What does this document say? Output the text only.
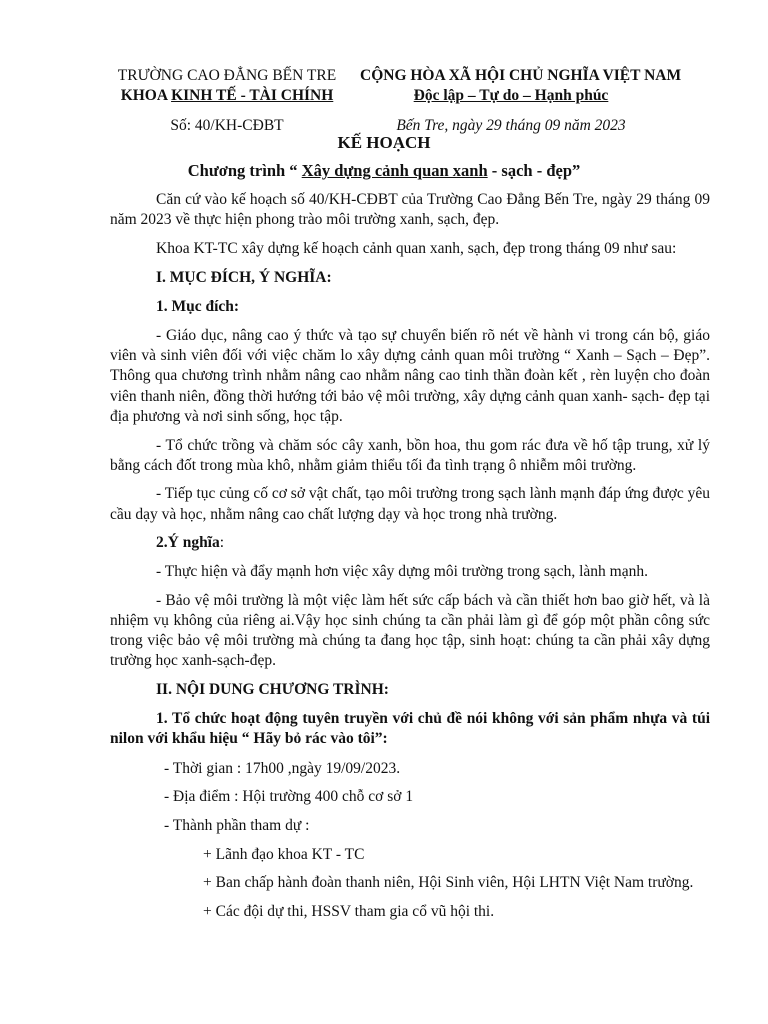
TRƯỜNG CAO ĐẲNG BẾN TRE
KHOA KINH TẾ - TÀI CHÍNH
Số: 40/KH-CĐBT
CỘNG HÒA XÃ HỘI CHỦ NGHĨA VIỆT NAM
Độc lập – Tự do – Hạnh phúc
Bến Tre, ngày 29 tháng 09 năm 2023
KẾ HOẠCH
Chương trình “ Xây dựng cảnh quan xanh - sạch - đẹp”

Căn cứ vào kế hoạch số 40/KH-CĐBT của Trường Cao Đẳng Bến Tre, ngày 29 tháng 09 năm 2023 về thực hiện phong trào môi trường xanh, sạch, đẹp.

Khoa KT-TC xây dựng kế hoạch cảnh quan xanh, sạch, đẹp trong tháng 09 như sau:

I. MỤC ĐÍCH, Ý NGHĨA:

1. Mục đích:

- Giáo dục, nâng cao ý thức và tạo sự chuyển biến rõ nét về hành vi trong cán bộ, giáo viên và sinh viên đối với việc chăm lo xây dựng cảnh quan môi trường “ Xanh – Sạch – Đẹp”. Thông qua chương trình nhằm nâng cao nhằm nâng cao tinh thần đoàn kết , rèn luyện cho đoàn viên thanh niên, đồng thời hướng tới bảo vệ môi trường, xây dựng cảnh quan xanh- sạch- đẹp tại địa phương và nơi sinh sống, học tập.

- Tổ chức trồng và chăm sóc cây xanh, bồn hoa, thu gom rác đưa về hố tập trung, xử lý bằng cách đốt trong mùa khô, nhằm giảm thiểu tối đa tình trạng ô nhiễm môi trường.

- Tiếp tục củng cố cơ sở vật chất, tạo môi trường trong sạch lành mạnh đáp ứng được yêu cầu dạy và học, nhằm nâng cao chất lượng dạy và học trong nhà trường.

2.Ý nghĩa:

- Thực hiện và đẩy mạnh hơn việc xây dựng môi trường trong sạch, lành mạnh.

- Bảo vệ môi trường là một việc làm hết sức cấp bách và cần thiết hơn bao giờ hết, và là nhiệm vụ không của riêng ai.Vậy học sinh chúng ta cần phải làm gì để góp một phần công sức trong việc bảo vệ môi trường mà chúng ta đang học tập, sinh hoạt: chúng ta cần phải xây dựng trường học xanh-sạch-đẹp.

II. NỘI DUNG CHƯƠNG TRÌNH:

1. Tổ chức hoạt động tuyên truyền với chủ đề nói không với sản phẩm nhựa và túi nilon với khẩu hiệu “ Hãy bỏ rác vào tôi”:

- Thời gian : 17h00 ,ngày 19/09/2023.

- Địa điểm : Hội trường 400 chỗ cơ sở 1

- Thành phần tham dự :

+ Lãnh đạo khoa KT - TC

+ Ban chấp hành đoàn thanh niên, Hội Sinh viên, Hội LHTN Việt Nam trường.

+ Các đội dự thi, HSSV tham gia cổ vũ hội thi.
